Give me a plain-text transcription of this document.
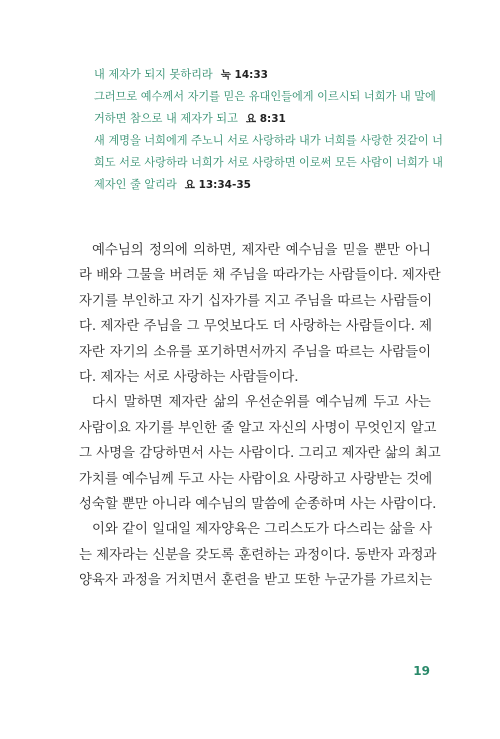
내 제자가 되지 못하리라 눅 14:33
그러므로 예수께서 자기를 믿은 유대인들에게 이르시되 너희가 내 말에
거하면 참으로 내 제자가 되고 요 8:31
새 계명을 너희에게 주노니 서로 사랑하라 내가 너희를 사랑한 것같이 너
희도 서로 사랑하라 너희가 서로 사랑하면 이로써 모든 사람이 너희가 내
제자인 줄 알리라 요 13:34-35
예수님의 정의에 의하면, 제자란 예수님을 믿을 뿐만 아니
라 배와 그물을 버려둔 채 주님을 따라가는 사람들이다. 제자란
자기를 부인하고 자기 십자가를 지고 주님을 따르는 사람들이
다. 제자란 주님을 그 무엇보다도 더 사랑하는 사람들이다. 제
자란 자기의 소유를 포기하면서까지 주님을 따르는 사람들이
다. 제자는 서로 사랑하는 사람들이다.
다시 말하면 제자란 삶의 우선순위를 예수님께 두고 사는
사람이요 자기를 부인한 줄 알고 자신의 사명이 무엇인지 알고
그 사명을 감당하면서 사는 사람이다. 그리고 제자란 삶의 최고
가치를 예수님께 두고 사는 사람이요 사랑하고 사랑받는 것에
성숙할 뿐만 아니라 예수님의 말씀에 순종하며 사는 사람이다.
이와 같이 일대일 제자양육은 그리스도가 다스리는 삶을 사
는 제자라는 신분을 갖도록 훈련하는 과정이다. 동반자 과정과
양육자 과정을 거치면서 훈련을 받고 또한 누군가를 가르치는
19
